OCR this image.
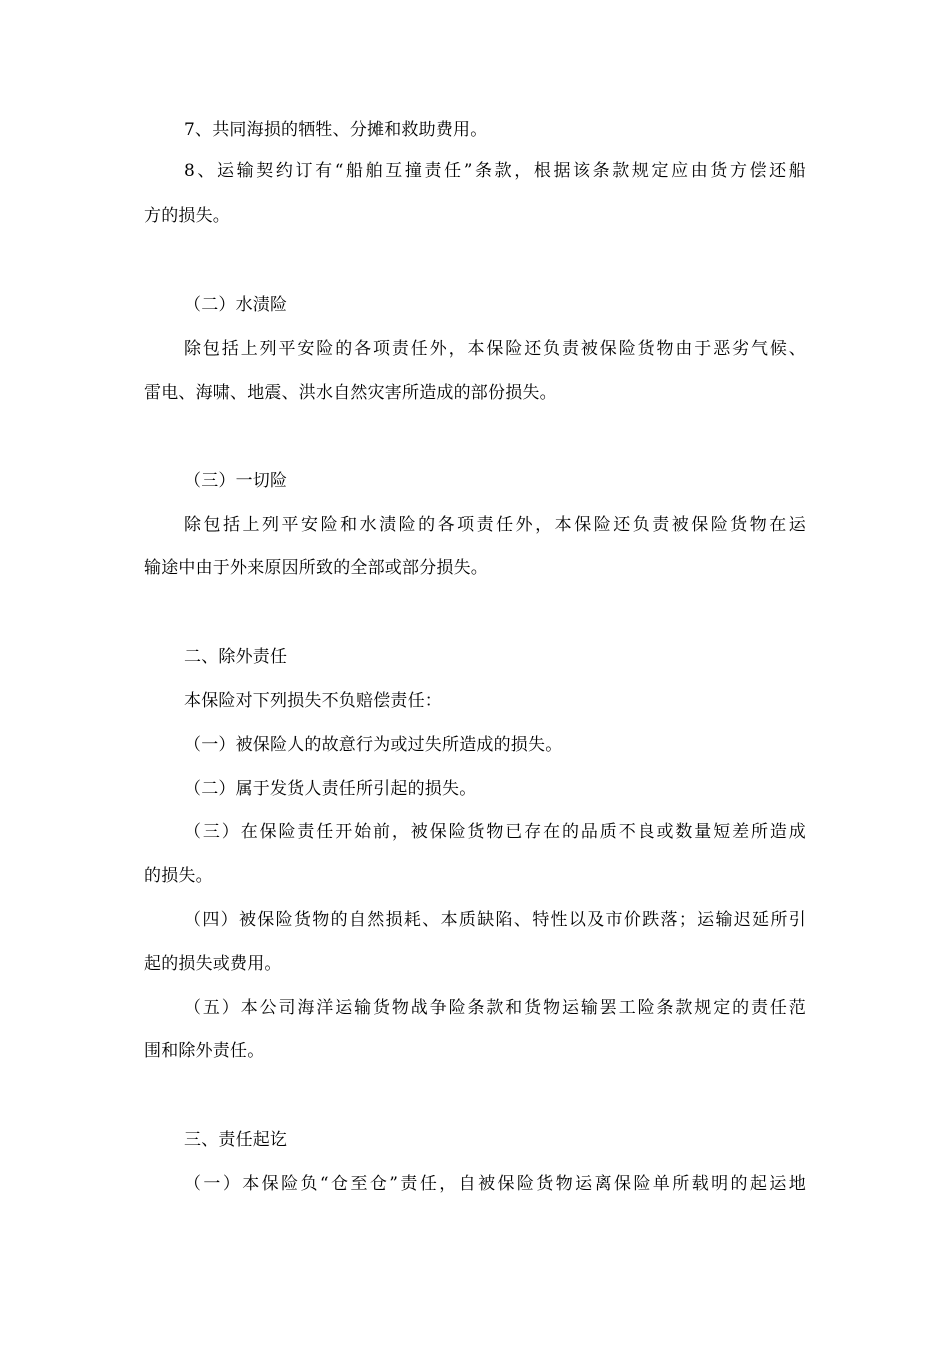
7、共同海损的牺牲、分摊和救助费用。
8、运输契约订有“船舶互撞责任”条款，根据该条款规定应由货方偿还船
方的损失。
（二）水渍险
除包括上列平安险的各项责任外，本保险还负责被保险货物由于恶劣气候、
雷电、海啸、地震、洪水自然灾害所造成的部份损失。
（三）一切险
除包括上列平安险和水渍险的各项责任外，本保险还负责被保险货物在运
输途中由于外来原因所致的全部或部分损失。
二、除外责任
本保险对下列损失不负赔偿责任：
（一）被保险人的故意行为或过失所造成的损失。
（二）属于发货人责任所引起的损失。
（三）在保险责任开始前，被保险货物已存在的品质不良或数量短差所造成
的损失。
（四）被保险货物的自然损耗、本质缺陷、特性以及市价跌落；运输迟延所引
起的损失或费用。
（五）本公司海洋运输货物战争险条款和货物运输罢工险条款规定的责任范
围和除外责任。
三、责任起讫
（一）本保险负“仓至仓”责任，自被保险货物运离保险单所载明的起运地
